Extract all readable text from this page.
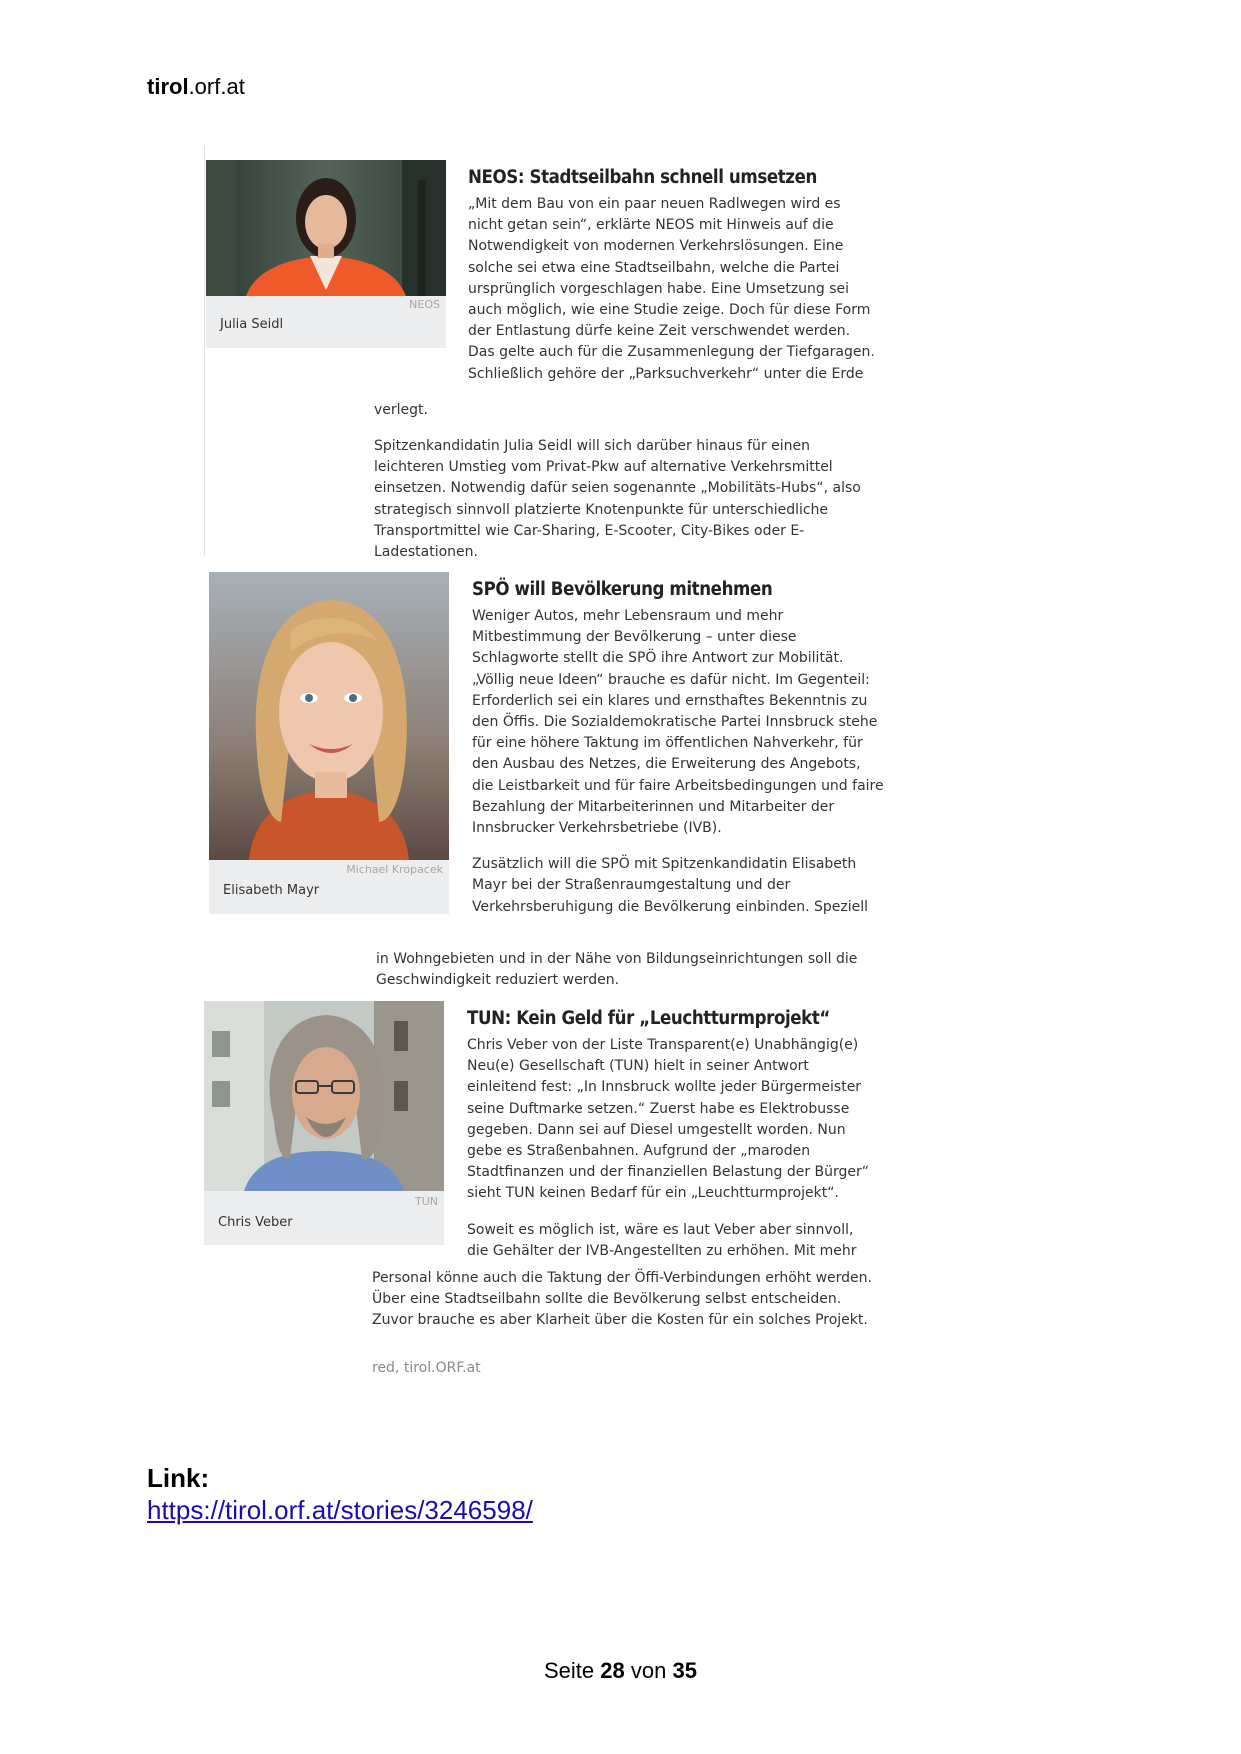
tirol.orf.at
NEOS
Julia Seidl
NEOS: Stadtseilbahn schnell umsetzen
„Mit dem Bau von ein paar neuen Radlwegen wird es nicht getan sein“, erklärte NEOS mit Hinweis auf die Notwendigkeit von modernen Verkehrslösungen. Eine solche sei etwa eine Stadtseilbahn, welche die Partei ursprünglich vorgeschlagen habe. Eine Umsetzung sei auch möglich, wie eine Studie zeige. Doch für diese Form der Entlastung dürfe keine Zeit verschwendet werden. Das gelte auch für die Zusammenlegung der Tiefgaragen. Schließlich gehöre der „Parksuchverkehr“ unter die Erde
verlegt.
Spitzenkandidatin Julia Seidl will sich darüber hinaus für einen leichteren Umstieg vom Privat-Pkw auf alternative Verkehrsmittel einsetzen. Notwendig dafür seien sogenannte „Mobilitäts-Hubs“, also strategisch sinnvoll platzierte Knotenpunkte für unterschiedliche Transportmittel wie Car-Sharing, E-Scooter, City-Bikes oder E-Ladestationen.
Michael Kropacek
Elisabeth Mayr
SPÖ will Bevölkerung mitnehmen
Weniger Autos, mehr Lebensraum und mehr Mitbestimmung der Bevölkerung – unter diese Schlagworte stellt die SPÖ ihre Antwort zur Mobilität. „Völlig neue Ideen“ brauche es dafür nicht. Im Gegenteil: Erforderlich sei ein klares und ernsthaftes Bekenntnis zu den Öffis. Die Sozialdemokratische Partei Innsbruck stehe für eine höhere Taktung im öffentlichen Nahverkehr, für den Ausbau des Netzes, die Erweiterung des Angebots, die Leistbarkeit und für faire Arbeitsbedingungen und faire Bezahlung der Mitarbeiterinnen und Mitarbeiter der Innsbrucker Verkehrsbetriebe (IVB).
Zusätzlich will die SPÖ mit Spitzenkandidatin Elisabeth Mayr bei der Straßenraumgestaltung und der Verkehrsberuhigung die Bevölkerung einbinden. Speziell
in Wohngebieten und in der Nähe von Bildungseinrichtungen soll die Geschwindigkeit reduziert werden.
TUN
Chris Veber
TUN: Kein Geld für „Leuchtturmprojekt“
Chris Veber von der Liste Transparent(e) Unabhängig(e) Neu(e) Gesellschaft (TUN) hielt in seiner Antwort einleitend fest: „In Innsbruck wollte jeder Bürgermeister seine Duftmarke setzen.“ Zuerst habe es Elektrobusse gegeben. Dann sei auf Diesel umgestellt worden. Nun gebe es Straßenbahnen. Aufgrund der „maroden Stadtfinanzen und der finanziellen Belastung der Bürger“ sieht TUN keinen Bedarf für ein „Leuchtturmprojekt“.
Soweit es möglich ist, wäre es laut Veber aber sinnvoll, die Gehälter der IVB-Angestellten zu erhöhen. Mit mehr
Personal könne auch die Taktung der Öffi-Verbindungen erhöht werden. Über eine Stadtseilbahn sollte die Bevölkerung selbst entscheiden. Zuvor brauche es aber Klarheit über die Kosten für ein solches Projekt.
red, tirol.ORF.at
Link:
https://tirol.orf.at/stories/3246598/
Seite 28 von 35
